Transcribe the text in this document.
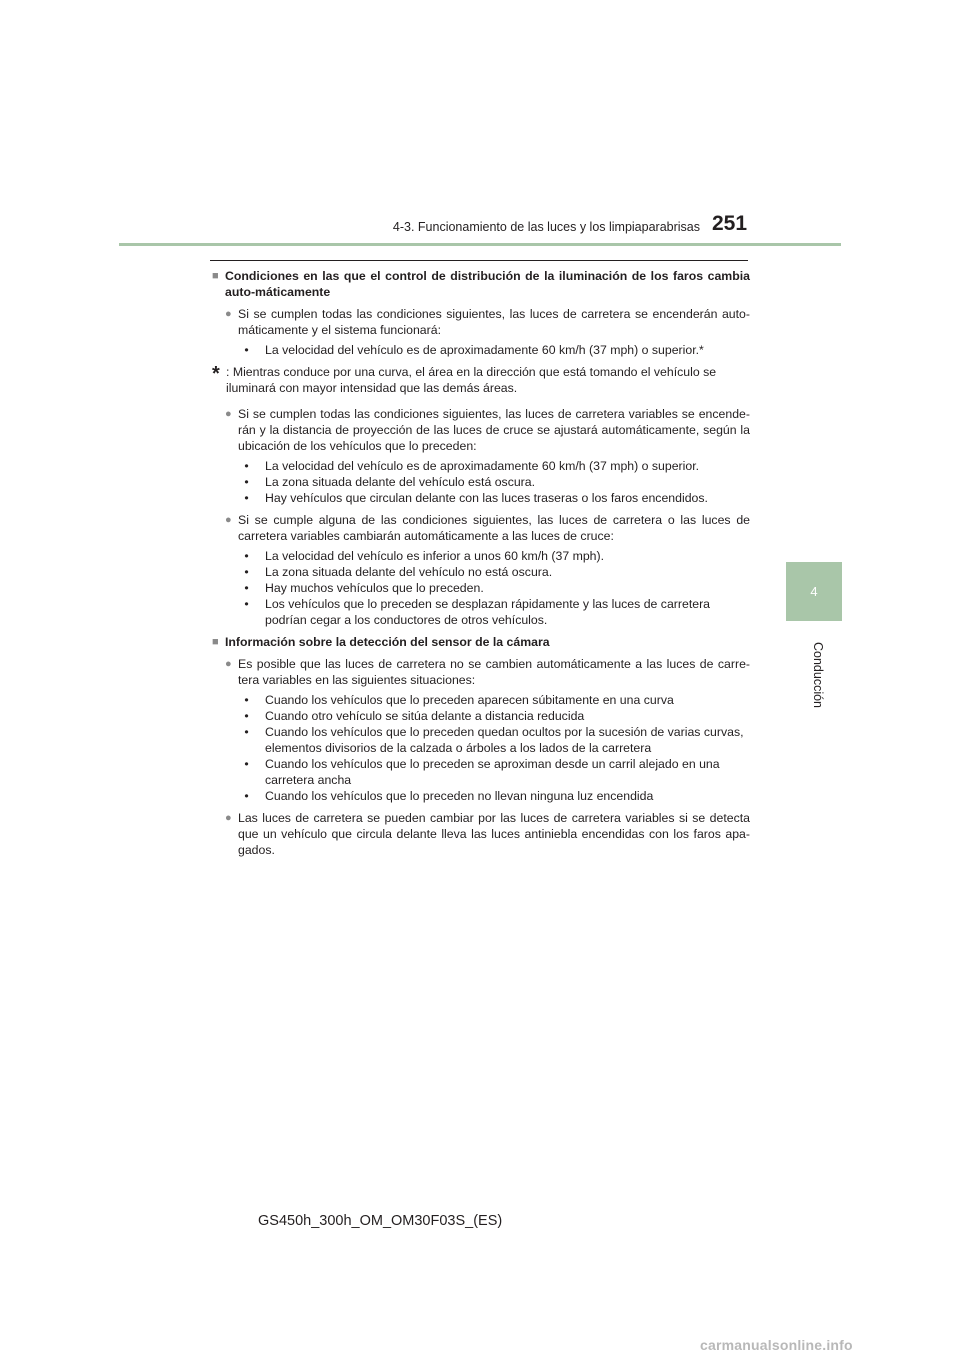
4-3. Funcionamiento de las luces y los limpiaparabrisas 251
4
Conducción
■ Condiciones en las que el control de distribución de la iluminación de los faros cambia auto-máticamente
● Si se cumplen todas las condiciones siguientes, las luces de carretera se encenderán auto-máticamente y el sistema funcionará:
•	La velocidad del vehículo es de aproximadamente 60 km/h (37 mph) o superior.*
* : Mientras conduce por una curva, el área en la dirección que está tomando el vehículo se iluminará con mayor intensidad que las demás áreas.
● Si se cumplen todas las condiciones siguientes, las luces de carretera variables se encende-rán y la distancia de proyección de las luces de cruce se ajustará automáticamente, según la ubicación de los vehículos que lo preceden:
•	La velocidad del vehículo es de aproximadamente 60 km/h (37 mph) o superior.
•	La zona situada delante del vehículo está oscura.
•	Hay vehículos que circulan delante con las luces traseras o los faros encendidos.
● Si se cumple alguna de las condiciones siguientes, las luces de carretera o las luces de carretera variables cambiarán automáticamente a las luces de cruce:
•	La velocidad del vehículo es inferior a unos 60 km/h (37 mph).
•	La zona situada delante del vehículo no está oscura.
•	Hay muchos vehículos que lo preceden.
•	Los vehículos que lo preceden se desplazan rápidamente y las luces de carretera podrían cegar a los conductores de otros vehículos.
■ Información sobre la detección del sensor de la cámara
● Es posible que las luces de carretera no se cambien automáticamente a las luces de carre-tera variables en las siguientes situaciones:
•	Cuando los vehículos que lo preceden aparecen súbitamente en una curva
•	Cuando otro vehículo se sitúa delante a distancia reducida
•	Cuando los vehículos que lo preceden quedan ocultos por la sucesión de varias curvas, elementos divisorios de la calzada o árboles a los lados de la carretera
•	Cuando los vehículos que lo preceden se aproximan desde un carril alejado en una carretera ancha
•	Cuando los vehículos que lo preceden no llevan ninguna luz encendida
● Las luces de carretera se pueden cambiar por las luces de carretera variables si se detecta que un vehículo que circula delante lleva las luces antiniebla encendidas con los faros apa-gados.
GS450h_300h_OM_OM30F03S_(ES)
carmanualsonline.info
